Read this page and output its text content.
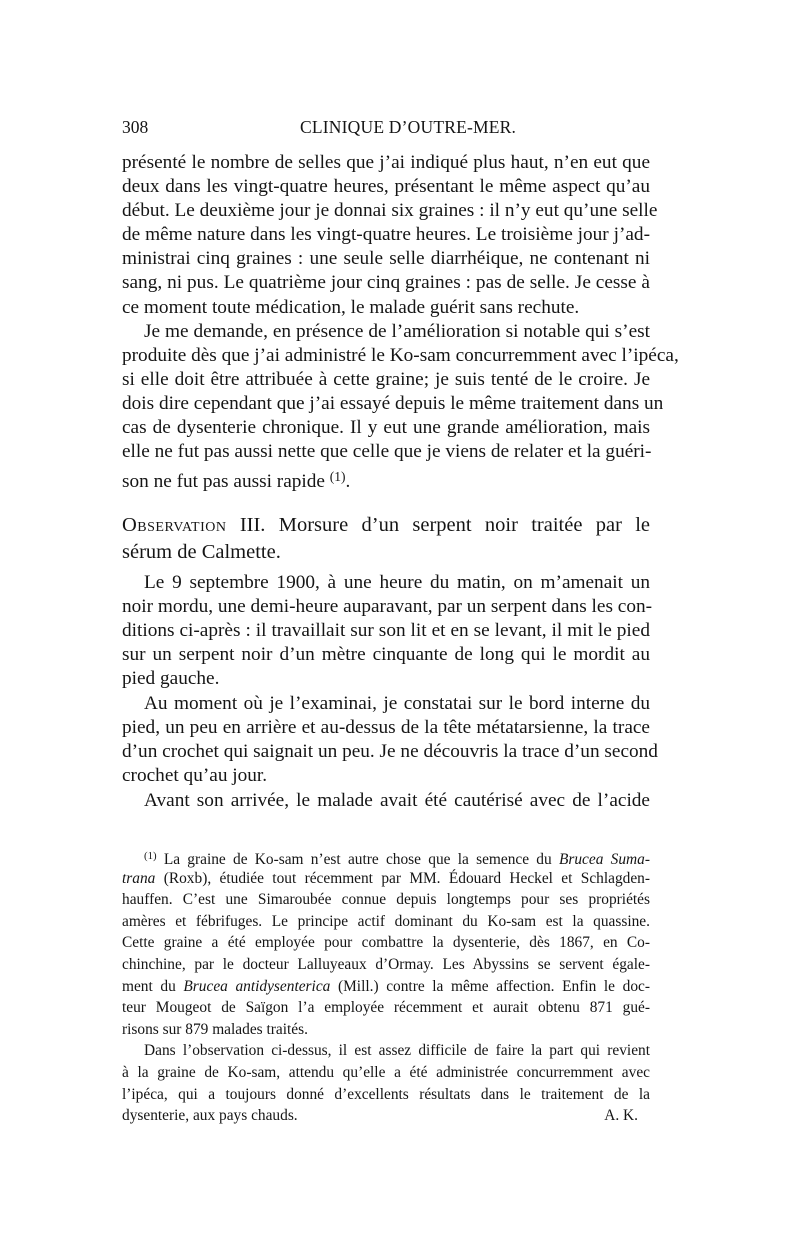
308	CLINIQUE D’OUTRE-MER.
présenté le nombre de selles que j’ai indiqué plus haut, n’en eut que
deux dans les vingt-quatre heures, présentant le même aspect qu’au
début. Le deuxième jour je donnai six graines : il n’y eut qu’une selle
de même nature dans les vingt-quatre heures. Le troisième jour j’ad-
ministrai cinq graines : une seule selle diarrhéique, ne contenant ni
sang, ni pus. Le quatrième jour cinq graines : pas de selle. Je cesse à
ce moment toute médication, le malade guérit sans rechute.
Je me demande, en présence de l’amélioration si notable qui s’est
produite dès que j’ai administré le Ko-sam concurremment avec l’ipéca,
si elle doit être attribuée à cette graine; je suis tenté de le croire. Je
dois dire cependant que j’ai essayé depuis le même traitement dans un
cas de dysenterie chronique. Il y eut une grande amélioration, mais
elle ne fut pas aussi nette que celle que je viens de relater et la guéri-
son ne fut pas aussi rapide $^{(1)}$.
Observation III. Morsure d’un serpent noir traitée par le
sérum de Calmette.
Le 9 septembre 1900, à une heure du matin, on m’amenait un
noir mordu, une demi-heure auparavant, par un serpent dans les con-
ditions ci-après : il travaillait sur son lit et en se levant, il mit le pied
sur un serpent noir d’un mètre cinquante de long qui le mordit au
pied gauche.
Au moment où je l’examinai, je constatai sur le bord interne du
pied, un peu en arrière et au-dessus de la tête métatarsienne, la trace
d’un crochet qui saignait un peu. Je ne découvris la trace d’un second
crochet qu’au jour.
Avant son arrivée, le malade avait été cautérisé avec de l’acide
$^{(1)}$ La graine de Ko-sam n’est autre chose que la semence du Brucea Suma-
trana (Roxb), étudiée tout récemment par MM. Édouard Heckel et Schlagden-
hauffen. C’est une Simaroubée connue depuis longtemps pour ses propriétés
amères et fébrifuges. Le principe actif dominant du Ko-sam est la quassine.
Cette graine a été employée pour combattre la dysenterie, dès 1867, en Co-
chinchine, par le docteur Lalluyeaux d’Ormay. Les Abyssins se servent égale-
ment du Brucea antidysenterica (Mill.) contre la même affection. Enfin le doc-
teur Mougeot de Saïgon l’a employée récemment et aurait obtenu 871 gué-
risons sur 879 malades traités.
Dans l’observation ci-dessus, il est assez difficile de faire la part qui revient
à la graine de Ko-sam, attendu qu’elle a été administrée concurremment avec
l’ipéca, qui a toujours donné d’excellents résultats dans le traitement de la
dysenterie, aux pays chauds.	A. K.
